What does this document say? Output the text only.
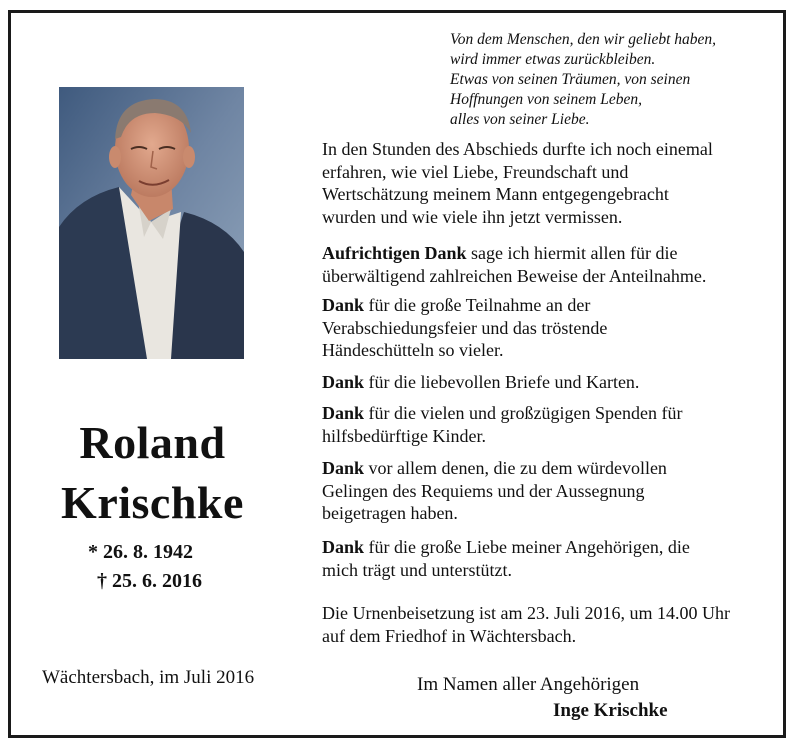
Roland
Krischke
* 26. 8. 1942
† 25. 6. 2016
Wächtersbach, im Juli 2016
Von dem Menschen, den wir geliebt haben,
wird immer etwas zurückbleiben.
Etwas von seinen Träumen, von seinen
Hoffnungen von seinem Leben,
alles von seiner Liebe.
In den Stunden des Abschieds durfte ich noch einemal
erfahren, wie viel Liebe, Freundschaft und
Wertschätzung meinem Mann entgegengebracht
wurden und wie viele ihn jetzt vermissen.
Aufrichtigen Dank sage ich hiermit allen für die
überwältigend zahlreichen Beweise der Anteilnahme.
Dank für die große Teilnahme an der
Verabschiedungsfeier und das tröstende
Händeschütteln so vieler.
Dank für die liebevollen Briefe und Karten.
Dank für die vielen und großzügigen Spenden für
hilfsbedürftige Kinder.
Dank vor allem denen, die zu dem würdevollen
Gelingen des Requiems und der Aussegnung
beigetragen haben.
Dank für die große Liebe meiner Angehörigen, die
mich trägt und unterstützt.
Die Urnenbeisetzung ist am 23. Juli 2016, um 14.00 Uhr
auf dem Friedhof in Wächtersbach.
Im Namen aller Angehörigen
Inge Krischke
